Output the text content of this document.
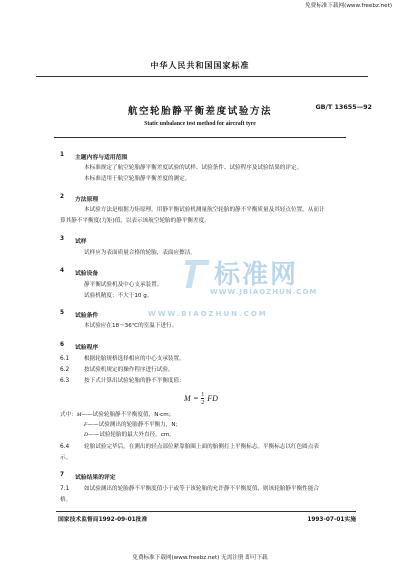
免费标准下载网(www.freebz.net)
中华人民共和国国家标准
航空轮胎静平衡差度试验方法	GB/T 13655—92
Static unbalance test method for aircraft tyre
1 主题内容与适用范围
本标准规定了航空轮胎静平衡差度试验的试样、试验条件、试验程序及试验结果的评定。
本标准适用于航空轮胎静平衡差度的测定。
2 方法原理
本试验方法是根据力矩原理，用静平衡试验机测量航空轮胎的静不平衡质量及其轻点位置，从而计
算其静不平衡度(力矩)值，以表示该航空轮胎的静平衡差度。
3 试样
试样应为表面质量合格的轮胎，表面应擦洁。
4 试验设备
静平衡试验机及中心支承装置。
试验机精度：不大于10 g。
5 试验条件
本试验应在18～36℃的室温下进行。
6 试验程序
6.1	根据轮胎规格选择相应的中心支承装置。
6.2	按试验机规定的操作程序进行试验。
6.3	按下式计算出试验轮胎的静不平衡度值：
$M = \frac{1}{2}$ FD
式中： M ——试验轮胎静不平衡度值，N·cm；
F ——试验测出的轮胎静不平衡力，N；
D ——试验轮胎的最大外直径，cm。
6.4	轮胎试验完毕后，在测出的轻点部位紧靠胎圈上面的胎侧打上平衡标志。平衡标志以红色圆点表
示。
7 试验结果的评定
7.1	如试验测出的轮胎静不平衡度值小于或等于该轮胎的允许静不平衡度值，则该轮胎静平衡性能合
格。
国家技术监督局1992-09-01批准	1993-07-01实施
免费标准下载网(www.freebz.net) 无需注册 即可下载
标准网
WWW.JBIAOZHUN.COM
WWW.BIAOZHUN.COM
